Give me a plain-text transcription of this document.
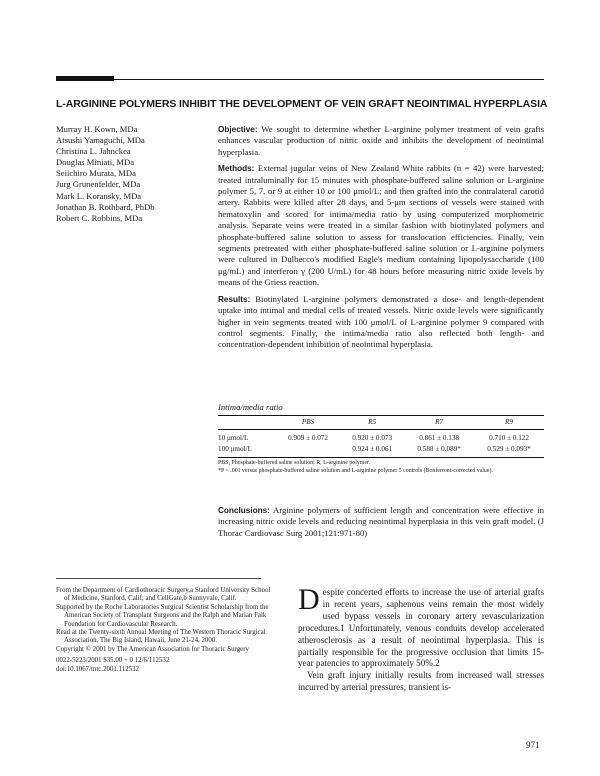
L-ARGININE POLYMERS INHIBIT THE DEVELOPMENT OF VEIN GRAFT NEOINTIMAL HYPERPLASIA
Murray H. Kown, MDa
Atsushi Yamaguchi, MDa
Christina L. Jahnckea
Douglas Miniati, MDa
Seiichiro Murata, MDa
Jurg Grunenfelder, MDa
Mark L. Koransky, MDa
Jonathan B. Rothbard, PhDb
Robert C. Robbins, MDa

Objective: We sought to determine whether L-arginine polymer treatment of vein grafts enhances vascular production of nitric oxide and inhibits the development of neointimal hyperplasia.

Methods: External jugular veins of New Zealand White rabbits (n = 42) were harvested; treated intraluminally for 15 minutes with phosphate-buffered saline solution or L-arginine polymer 5, 7, or 9 at either 10 or 100 μmol/L; and then grafted into the contralateral carotid artery. Rabbits were killed after 28 days, and 5-μm sections of vessels were stained with hematoxylin and scored for intima/media ratio by using computerized morphometric analysis. Separate veins were treated in a similar fashion with biotinylated polymers and phosphate-buffered saline solution to assess for translocation efficiencies. Finally, vein segments pretreated with either phosphate-buffered saline solution or L-arginine polymers were cultured in Dulbecco's modified Eagle's medium containing lipopolysaccharide (100 μg/mL) and interferon γ (200 U/mL) for 48 hours before measuring nitric oxide levels by means of the Griess reaction.

Results: Biotinylated L-arginine polymers demonstrated a dose- and length-dependent uptake into intimal and medial cells of treated vessels. Nitric oxide levels were significantly higher in vein segments treated with 100 μmol/L of L-arginine polymer 9 compared with control segments. Finally, the intima/media ratio also reflected both length- and concentration-dependent inhibition of neointimal hyperplasia.

Intima/media ratio
	PBS	R5	R7	R9
10 μmol/L	0.909 ± 0.072	0.920 ± 0.073	0.861 ± 0.138	0.710 ± 0.122
100 μmol/L		0.924 ± 0.061	0.588 ± 0.089*	0.529 ± 0.093*
PBS, Phosphate-buffered saline solution; R, L-arginine polymer.
*P < .001 versus phosphate-buffered saline solution and L-arginine polymer 5 controls (Bonferroni-corrected value).

Conclusions: Arginine polymers of sufficient length and concentration were effective in increasing nitric oxide levels and reducing neointimal hyperplasia in this vein graft model. (J Thorac Cardiovasc Surg 2001;121:971-80)

From the Department of Cardiothoracic Surgery,a Stanford University School of Medicine, Stanford, Calif; and CellGate,b Sunnyvale, Calif.

Supported by the Roche Laboratories Surgical Scientist Scholarship from the American Society of Transplant Surgeons and the Ralph and Marian Falk Foundation for Cardiovascular Research.

Read at the Twenty-sixth Annual Meeting of The Western Thoracic Surgical Association, The Big Island, Hawaii, June 21-24, 2000.

Copyright © 2001 by The American Association for Thoracic Surgery

0022-5223/2001 $35.00 + 0 12/6/112532

doi:10.1067/mtc.2001.112532

Despite concerted efforts to increase the use of arterial grafts in recent years, saphenous veins remain the most widely used bypass vessels in coronary artery revascularization procedures.1 Unfortunately, venous conduits develop accelerated atherosclerosis as a result of neointimal hyperplasia. This is partially responsible for the progressive occlusion that limits 15-year patencies to approximately 50%.2

Vein graft injury initially results from increased wall stresses incurred by arterial pressures, transient is-

971
